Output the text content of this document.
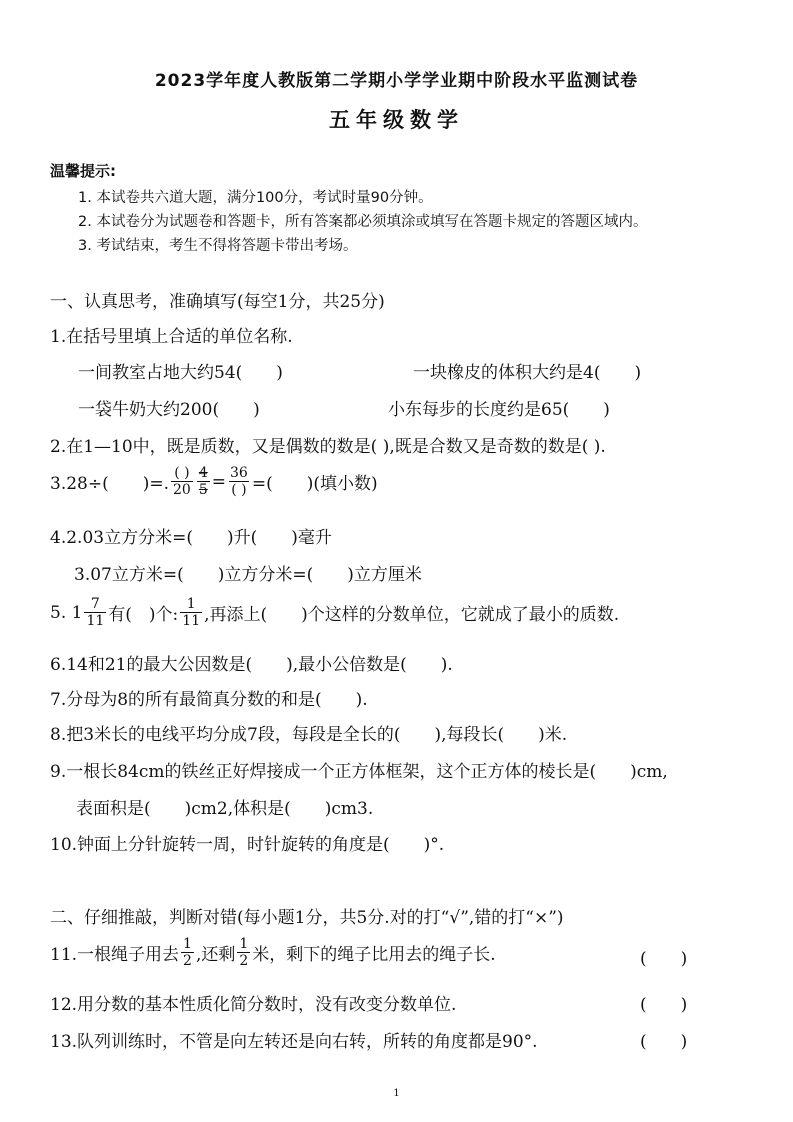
2023学年度人教版第二学期小学学业期中阶段水平监测试卷
五年级数学
温馨提示:
1. 本试卷共六道大题，满分100分，考试时量90分钟。
2. 本试卷分为试题卷和答题卡，所有答案都必须填涂或填写在答题卡规定的答题区域内。
3. 考试结束，考生不得将答题卡带出考场。
一、认真思考，准确填写(每空1分，共25分)
1.在括号里填上合适的单位名称.
一间教室占地大约54(　　)	一块橡皮的体积大约是4(　　)
一袋牛奶大约200(　　)	小东每步的长度约是65(　　)
2.在1—10中，既是质数，又是偶数的数是( ),既是合数又是奇数的数是( ).
3.28÷(　　)=. $\frac{( )}{20} \frac{4}{5} = \frac{36}{( )}$ =(　　)(填小数)
4.2.03立方分米=(　　)升(　　)毫升
3.07立方米=(　　)立方分米=(　　)立方厘米
5. $1 \frac{7}{11}$ 有(　)个: $\frac{1}{11}$ ,再添上(　　)个这样的分数单位，它就成了最小的质数.
6.14和21的最大公因数是(　　),最小公倍数是(　　).
7.分母为8的所有最简真分数的和是(　　).
8.把3米长的电线平均分成7段，每段是全长的(　　),每段长(　　)米.
9.一根长84cm的铁丝正好焊接成一个正方体框架，这个正方体的棱长是(　　)cm,
表面积是(　　)cm2,体积是(　　)cm3.
10.钟面上分针旋转一周，时针旋转的角度是(　　)°.
二、仔细推敲，判断对错(每小题1分，共5分.对的打“√”,错的打“×”)
11.一根绳子用去 $\frac{1}{2}$ ,还剩 $\frac{1}{2}$ 米，剩下的绳子比用去的绳子长.	(　　)
12.用分数的基本性质化简分数时，没有改变分数单位.	(　　)
13.队列训练时，不管是向左转还是向右转，所转的角度都是90°.	(　　)
1
